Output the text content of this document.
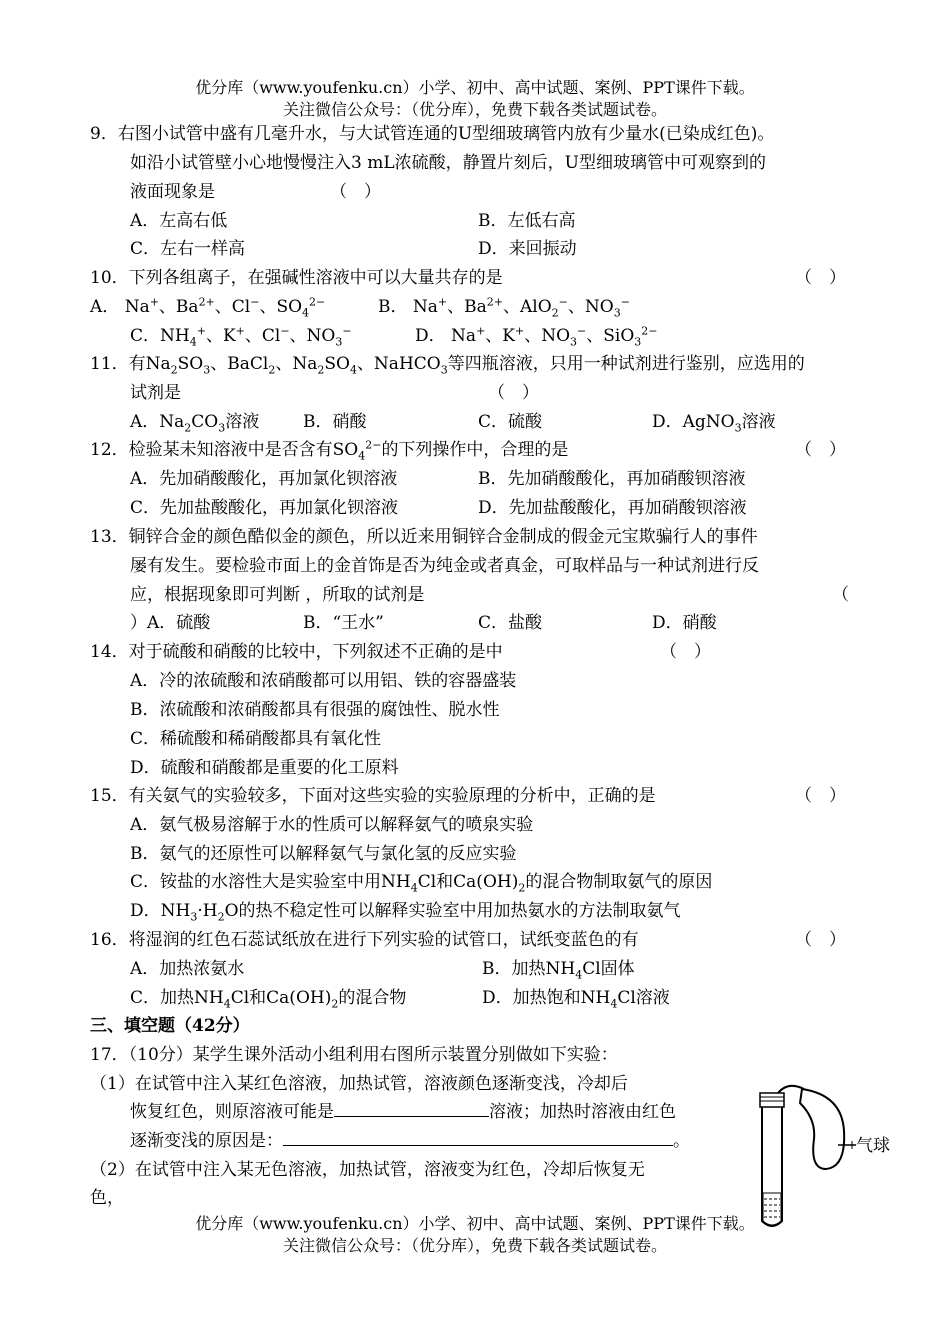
优分库（www.youfenku.cn）小学、初中、高中试题、案例、PPT课件下载。
关注微信公众号：（优分库），免费下载各类试题试卷。
9．右图小试管中盛有几毫升水，与大试管连通的U型细玻璃管内放有少量水(已染成红色)。
如沿小试管壁小心地慢慢注入3 mL浓硫酸，静置片刻后，U型细玻璃管中可观察到的
液面现象是	（　）
A．左高右低	B．左低右高
C．左右一样高	D．来回振动
10．下列各组离子，在强碱性溶液中可以大量共存的是	（　）
A． Na+、$Ba^{2+}$、Cl−、$SO_4^{2-}$	B． Na+、$Ba^{2+}$、AlO$_2$−、$NO_3^-$
C．$NH_4^+$、K+、Cl−、$NO_3^-$	D． Na+、K+、$NO_3^-$、SiO$_3^{2-}$
11．有$Na_2SO_3$、BaCl$_2$、$Na_2SO_4$、NaHCO$_3$等四瓶溶液，只用一种试剂进行鉴别，应选用的
试剂是	（　）
A．$Na_2CO_3$溶液	B．硝酸	C．硫酸	D．AgNO$_3$溶液
12．检验某未知溶液中是否含有$SO_4^{2-}$的下列操作中，合理的是	（　）
A．先加硝酸酸化，再加氯化钡溶液	B．先加硝酸酸化，再加硝酸钡溶液
C．先加盐酸酸化，再加氯化钡溶液	D．先加盐酸酸化，再加硝酸钡溶液
13．铜锌合金的颜色酷似金的颜色，所以近来用铜锌合金制成的假金元宝欺骗行人的事件
屡有发生。要检验市面上的金首饰是否为纯金或者真金，可取样品与一种试剂进行反
应，根据现象即可判断 ，所取的试剂是	（
）A．硫酸	B．“王水”	C．盐酸	D．硝酸
14．对于硫酸和硝酸的比较中，下列叙述不正确的是中	（　）
A．冷的浓硫酸和浓硝酸都可以用铝、铁的容器盛装
B．浓硫酸和浓硝酸都具有很强的腐蚀性、脱水性
C．稀硫酸和稀硝酸都具有氧化性
D．硫酸和硝酸都是重要的化工原料
15．有关氨气的实验较多，下面对这些实验的实验原理的分析中，正确的是	（　）
A．氨气极易溶解于水的性质可以解释氨气的喷泉实验
B．氨气的还原性可以解释氨气与氯化氢的反应实验
C．铵盐的水溶性大是实验室中用$NH_4Cl$和$Ca(OH)_2$的混合物制取氨气的原因
D．$NH_3\cdot H_2O$的热不稳定性可以解释实验室中用加热氨水的方法制取氨气
16．将湿润的红色石蕊试纸放在进行下列实验的试管口，试纸变蓝色的有	（　）
A．加热浓氨水	B．加热$NH_4Cl$固体
C．加热$NH_4Cl$和$Ca(OH)_2$的混合物	D．加热饱和$NH_4Cl$溶液
三、填空题（42分）
17．（10分）某学生课外活动小组利用右图所示装置分别做如下实验：
（1）在试管中注入某红色溶液，加热试管，溶液颜色逐渐变浅，冷却后
恢复红色，则原溶液可能是	溶液；加热时溶液由红色
逐渐变浅的原因是：	。
（2）在试管中注入某无色溶液，加热试管，溶液变为红色，冷却后恢复无
色，
气球
优分库（www.youfenku.cn）小学、初中、高中试题、案例、PPT课件下载。
关注微信公众号：（优分库），免费下载各类试题试卷。
